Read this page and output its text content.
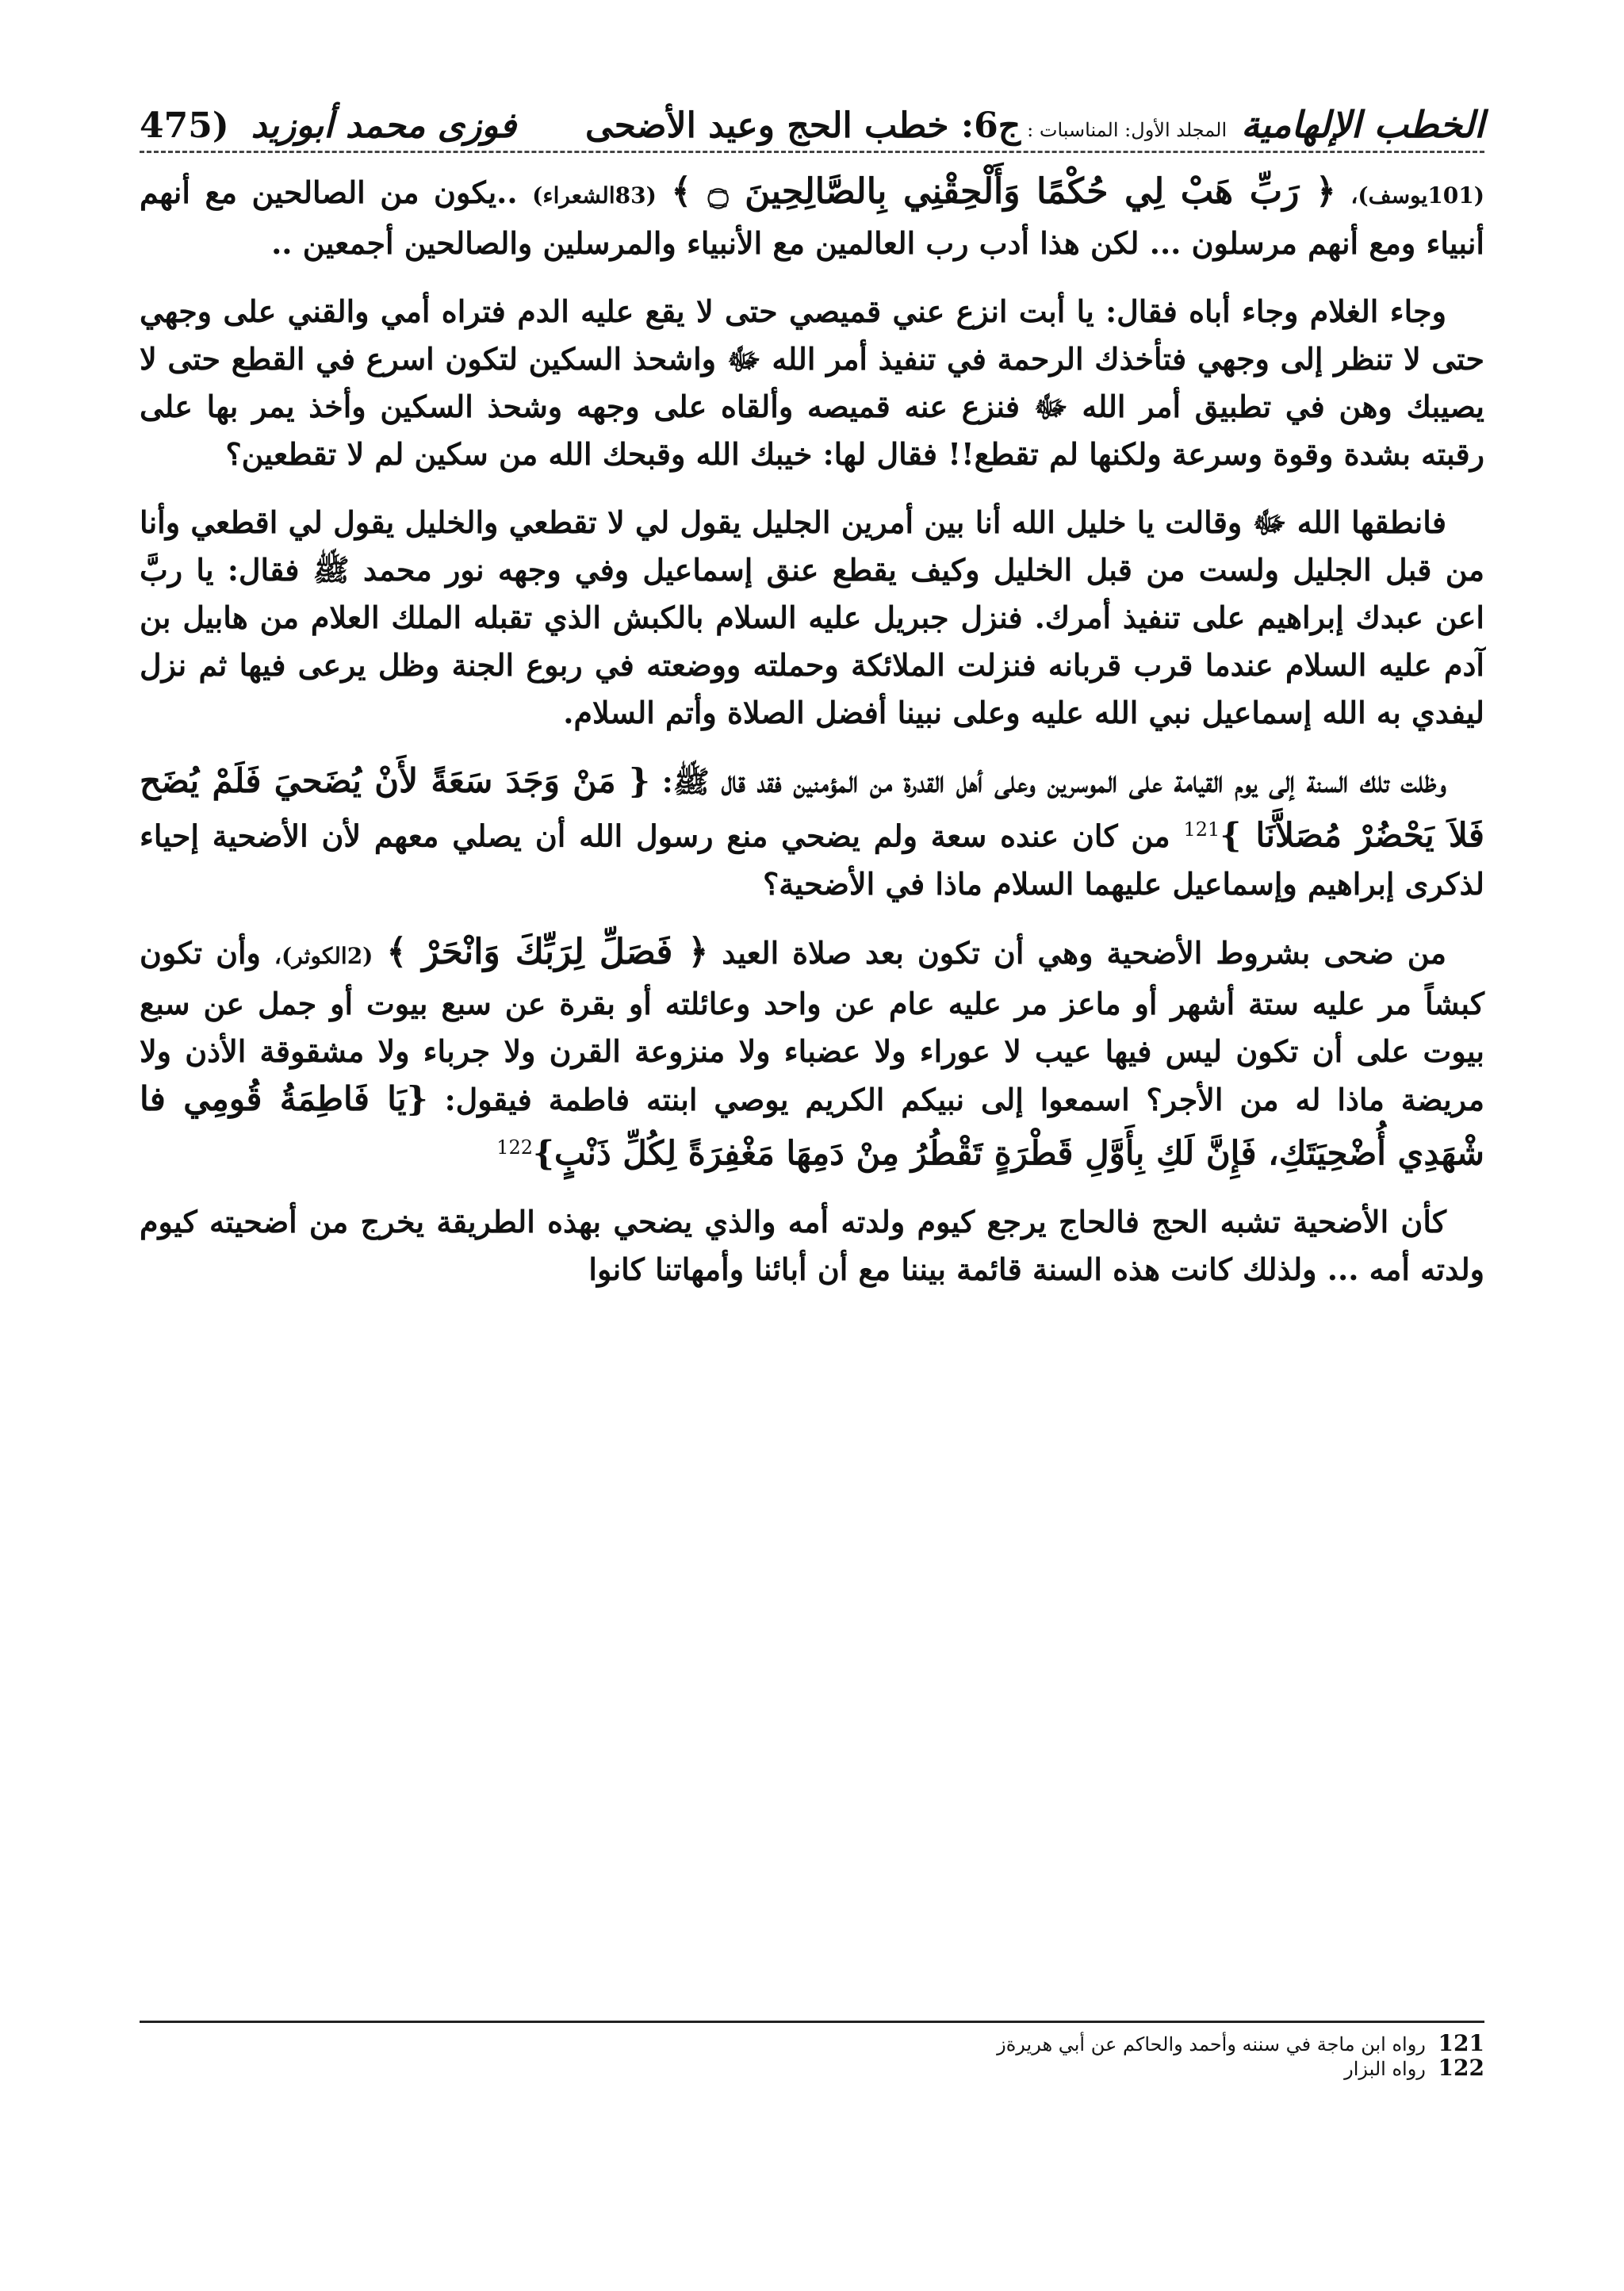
الخطب الإلهامية
المجلد الأول: المناسبات :
ج6: خطب الحج وعيد الأضحى
فوزى محمد أبوزيد
475)

(101يوسف)، ﴿ رَبِّ هَبْ لِي حُكْمًا وَأَلْحِقْنِي بِالصَّالِحِينَ ۝ ﴾ (83الشعراء) ..يكون من الصالحين مع أنهم أنبياء ومع أنهم مرسلون ... لكن هذا أدب رب العالمين مع الأنبياء والمرسلين والصالحين أجمعين ..

وجاء الغلام وجاء أباه فقال: يا أبت انزع عني قميصي حتى لا يقع عليه الدم فتراه أمي والقني على وجهي حتى لا تنظر إلى وجهي فتأخذك الرحمة في تنفيذ أمر الله ﷻ واشحذ السكين لتكون اسرع في القطع حتى لا يصيبك وهن في تطبيق أمر الله ﷻ فنزع عنه قميصه وألقاه على وجهه وشحذ السكين وأخذ يمر بها على رقبته بشدة وقوة وسرعة ولكنها لم تقطع!! فقال لها: خيبك الله وقبحك الله من سكين لم لا تقطعين؟

فانطقها الله ﷻ وقالت يا خليل الله أنا بين أمرين الجليل يقول لي لا تقطعي والخليل يقول لي اقطعي وأنا من قبل الجليل ولست من قبل الخليل وكيف يقطع عنق إسماعيل وفي وجهه نور محمد ﷺ فقال: يا ربَّ اعن عبدك إبراهيم على تنفيذ أمرك. فنزل جبريل عليه السلام بالكبش الذي تقبله الملك العلام من هابيل بن آدم عليه السلام عندما قرب قربانه فنزلت الملائكة وحملته ووضعته في ربوع الجنة وظل يرعى فيها ثم نزل ليفدي به الله إسماعيل نبي الله عليه وعلى نبينا أفضل الصلاة وأتم السلام.

وظلت تلك السنة إلى يوم القيامة على الموسرين وعلى أهل القدرة من المؤمنين فقد قال ﷺ: { مَنْ وَجَدَ سَعَةً لأَنْ يُضَحيَ فَلَمْ يُضَح فَلاَ يَحْضُرْ مُصَلاَّنَا }$^{121}$ من كان عنده سعة ولم يضحي منع رسول الله أن يصلي معهم لأن الأضحية إحياء لذكرى إبراهيم وإسماعيل عليهما السلام ماذا في الأضحية؟

من ضحى بشروط الأضحية وهي أن تكون بعد صلاة العيد ﴿ فَصَلِّ لِرَبِّكَ وَانْحَرْ ﴾ (2الكوثر)، وأن تكون كبشاً مر عليه ستة أشهر أو ماعز مر عليه عام عن واحد وعائلته أو بقرة عن سبع بيوت أو جمل عن سبع بيوت على أن تكون ليس فيها عيب لا عوراء ولا عضباء ولا منزوعة القرن ولا جرباء ولا مشقوقة الأذن ولا مريضة ماذا له من الأجر؟ اسمعوا إلى نبيكم الكريم يوصي ابنته فاطمة فيقول: {يَا فَاطِمَةُ قُومِي فا شْهَدِي أُضْحِيَتَكِ، فَإِنَّ لَكِ بِأَوَّلِ قَطْرَةٍ تَقْطُرُ مِنْ دَمِهَا مَغْفِرَةً لِكُلِّ ذَنْبٍ}$^{122}$

كأن الأضحية تشبه الحج فالحاج يرجع كيوم ولدته أمه والذي يضحي بهذه الطريقة يخرج من أضحيته كيوم ولدته أمه ... ولذلك كانت هذه السنة قائمة بيننا مع أن أبائنا وأمهاتنا كانوا

121 رواه ابن ماجة في سننه وأحمد والحاكم عن أبي هريرةز
122 رواه البزار
